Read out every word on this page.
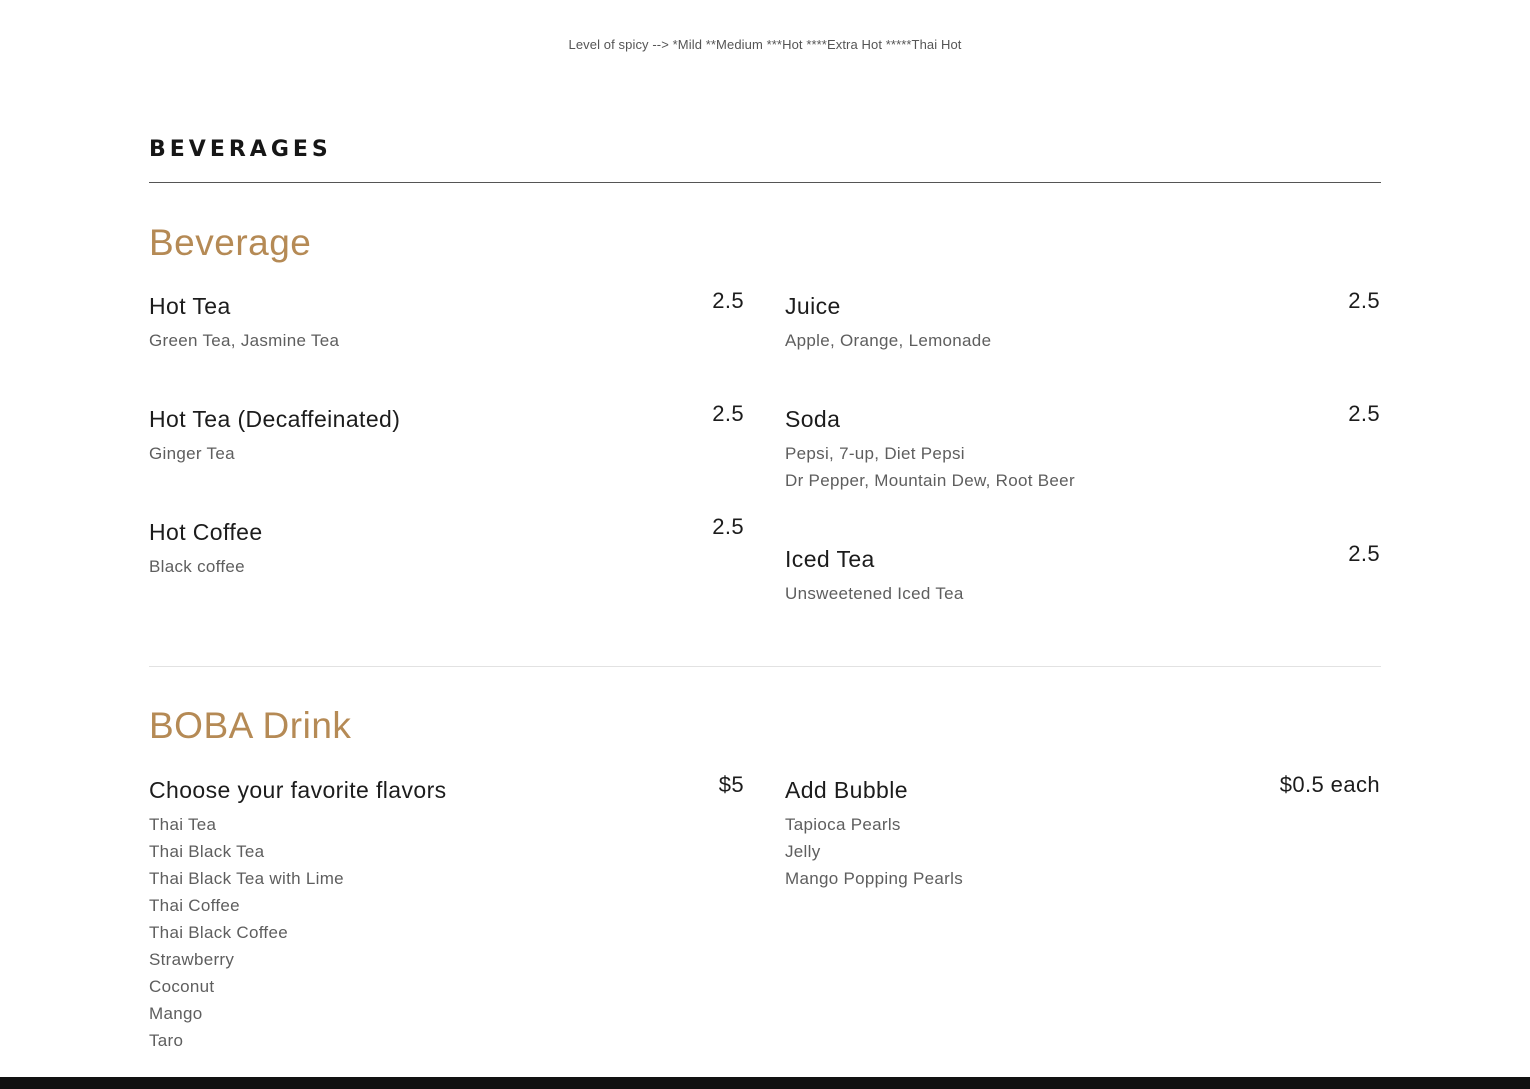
Level of spicy --> *Mild **Medium ***Hot ****Extra Hot *****Thai Hot
BEVERAGES
Beverage
Hot Tea	2.5
Green Tea, Jasmine Tea
Hot Tea (Decaffeinated)	2.5
Ginger Tea
Hot Coffee	2.5
Black coffee
Juice	2.5
Apple, Orange, Lemonade
Soda	2.5
Pepsi, 7-up, Diet Pepsi
Dr Pepper, Mountain Dew, Root Beer
Iced Tea	2.5
Unsweetened Iced Tea
BOBA Drink
Choose your favorite flavors	$5
Thai Tea
Thai Black Tea
Thai Black Tea with Lime
Thai Coffee
Thai Black Coffee
Strawberry
Coconut
Mango
Taro
Add Bubble	$0.5 each
Tapioca Pearls
Jelly
Mango Popping Pearls
